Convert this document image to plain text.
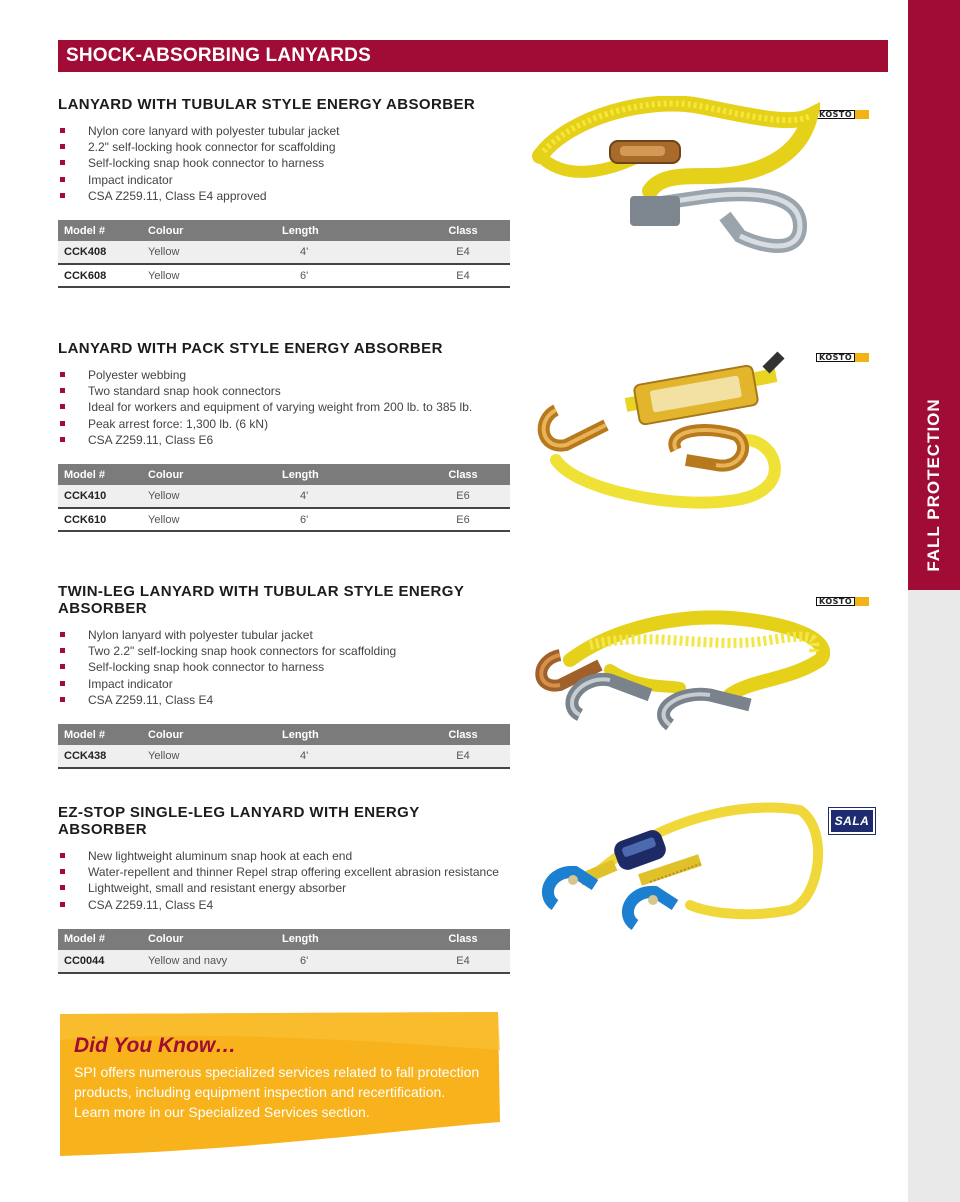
FALL PROTECTION
SHOCK-ABSORBING LANYARDS
LANYARD WITH TUBULAR STYLE ENERGY ABSORBER
Nylon core lanyard with polyester tubular jacket
2.2" self-locking hook connector for scaffolding
Self-locking snap hook connector to harness
Impact indicator
CSA Z259.11, Class E4 approved
Model #	Colour	Length	Class
CCK408	Yellow	4'	E4
CCK608	Yellow	6'	E4
LANYARD WITH PACK STYLE ENERGY ABSORBER
Polyester webbing
Two standard snap hook connectors
Ideal for workers and equipment of varying weight from 200 lb. to 385 lb.
Peak arrest force: 1,300 lb. (6 kN)
CSA Z259.11, Class E6
Model #	Colour	Length	Class
CCK410	Yellow	4'	E6
CCK610	Yellow	6'	E6
TWIN-LEG LANYARD WITH TUBULAR STYLE ENERGY ABSORBER
Nylon lanyard with polyester tubular jacket
Two 2.2" self-locking snap hook connectors for scaffolding
Self-locking snap hook connector to harness
Impact indicator
CSA Z259.11, Class E4
Model #	Colour	Length	Class
CCK438	Yellow	4'	E4
EZ-STOP SINGLE-LEG LANYARD WITH ENERGY ABSORBER
New lightweight aluminum snap hook at each end
Water-repellent and thinner Repel strap offering excellent abrasion resistance
Lightweight, small and resistant energy absorber
CSA Z259.11, Class E4
Model #	Colour	Length	Class
CC0044	Yellow and navy	6'	E4
KOSTO
KOSTO
KOSTO
SALA
Did You Know…
SPI offers numerous specialized services related to fall protection products, including equipment inspection and recertification. Learn more in our Specialized Services section.
